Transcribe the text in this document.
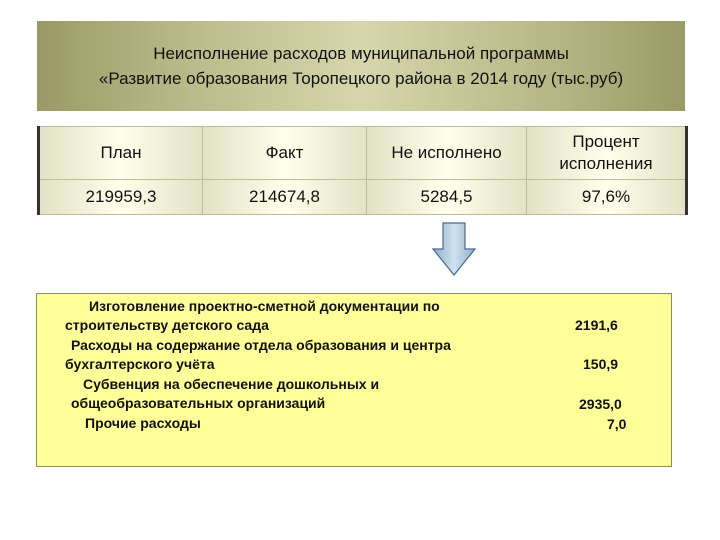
Неисполнение расходов муниципальной программы
«Развитие образования Торопецкого района в 2014 году (тыс.руб)
План	Факт	Не исполнено	Процент исполнения
219959,3	214674,8	5284,5	97,6%
Изготовление проектно-сметной документации по
строительству детского сада	2191,6
Расходы на содержание отдела образования и центра
бухгалтерского учёта	150,9
Субвенция на обеспечение дошкольных и
общеобразовательных организаций	2935,0
Прочие расходы	7,0
